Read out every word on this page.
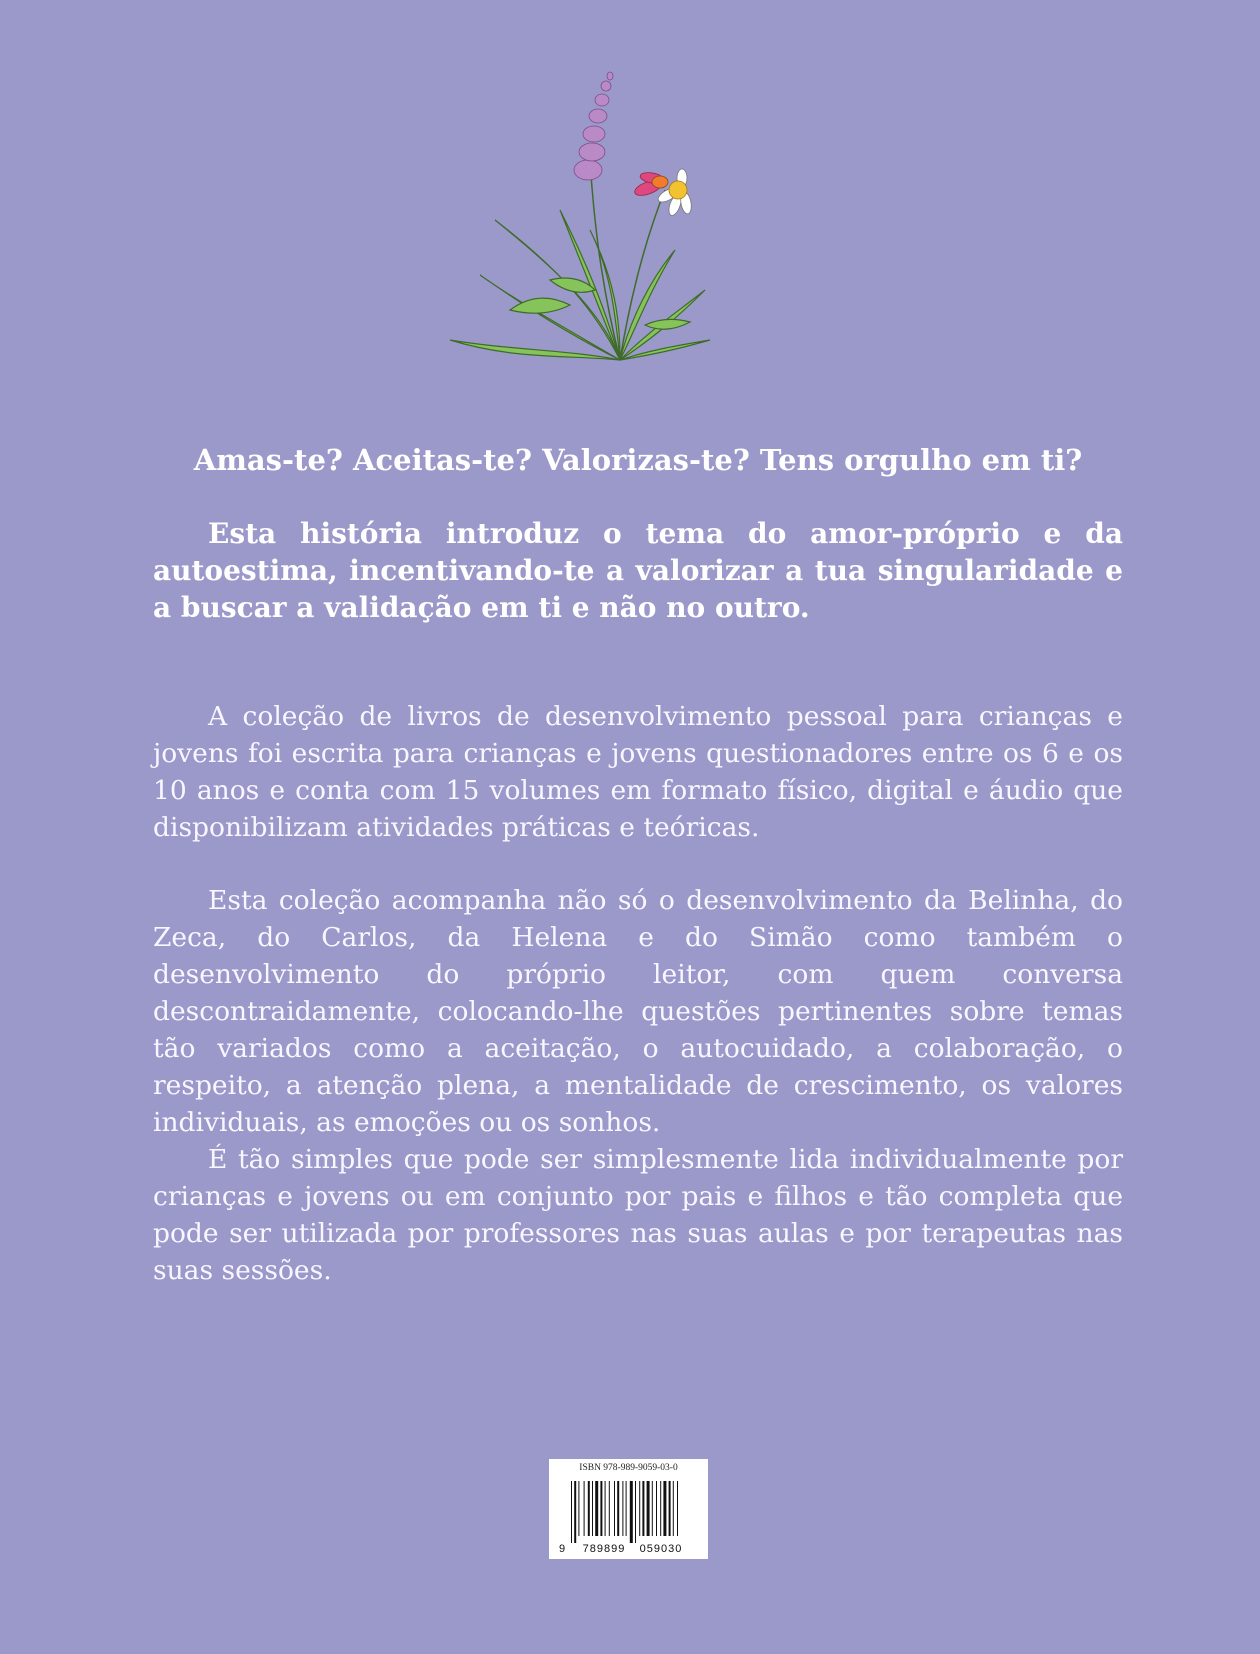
Amas-te? Aceitas-te? Valorizas-te? Tens orgulho em ti?

Esta história introduz o tema do amor-próprio e da autoestima, incentivando-te a valorizar a tua singularidade e a buscar a validação em ti e não no outro.

A coleção de livros de desenvolvimento pessoal para crianças e jovens foi escrita para crianças e jovens questionadores entre os 6 e os 10 anos e conta com 15 volumes em formato físico, digital e áudio que disponibilizam atividades práticas e teóricas.

Esta coleção acompanha não só o desenvolvimento da Belinha, do Zeca, do Carlos, da Helena e do Simão como também o desenvolvimento do próprio leitor, com quem conversa descontraidamente, colocando-lhe questões pertinentes sobre temas tão variados como a aceitação, o autocuidado, a colaboração, o respeito, a atenção plena, a mentalidade de crescimento, os valores individuais, as emoções ou os sonhos.

É tão simples que pode ser simplesmente lida individualmente por crianças e jovens ou em conjunto por pais e filhos e tão completa que pode ser utilizada por professores nas suas aulas e por terapeutas nas suas sessões.

ISBN 978-989-9059-03-0
9 789899 059030
